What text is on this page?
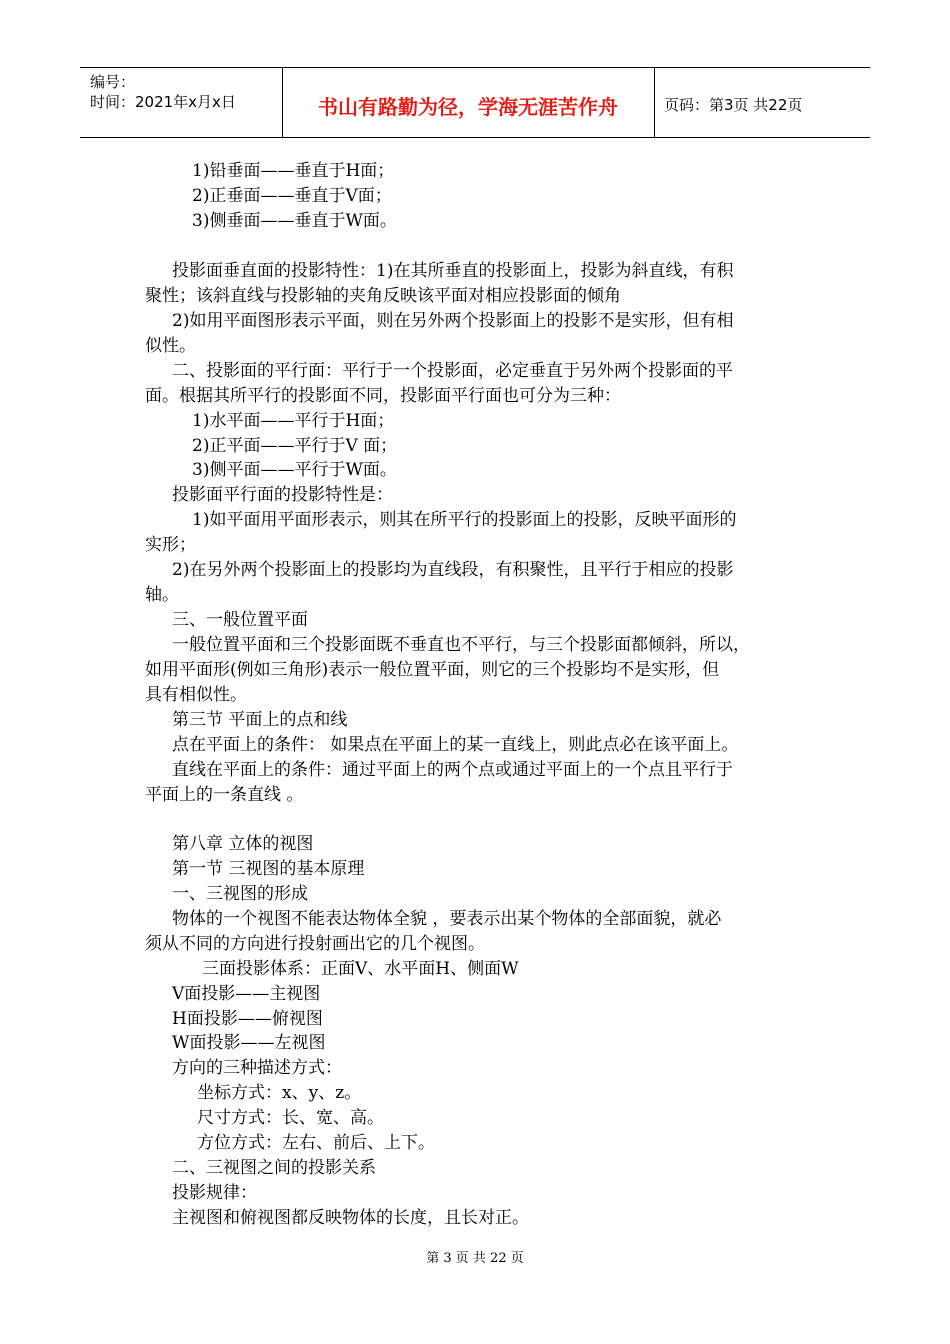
编号：
时间：2021年x月x日	书山有路勤为径，学海无涯苦作舟	页码：第3页 共22页
1)铅垂面——垂直于H面；
2)正垂面——垂直于V面；
3)侧垂面——垂直于W面。
投影面垂直面的投影特性：1)在其所垂直的投影面上，投影为斜直线，有积
聚性；该斜直线与投影轴的夹角反映该平面对相应投影面的倾角
2)如用平面图形表示平面，则在另外两个投影面上的投影不是实形，但有相
似性。
二、投影面的平行面：平行于一个投影面，必定垂直于另外两个投影面的平
面。根据其所平行的投影面不同，投影面平行面也可分为三种：
1)水平面——平行于H面；
2)正平面——平行于V 面；
3)侧平面——平行于W面。
投影面平行面的投影特性是：
1)如平面用平面形表示，则其在所平行的投影面上的投影，反映平面形的
实形；
2)在另外两个投影面上的投影均为直线段，有积聚性，且平行于相应的投影
轴。
三、一般位置平面
一般位置平面和三个投影面既不垂直也不平行，与三个投影面都倾斜，所以，
如用平面形(例如三角形)表示一般位置平面，则它的三个投影均不是实形，但
具有相似性。
第三节 平面上的点和线
点在平面上的条件： 如果点在平面上的某一直线上，则此点必在该平面上。
直线在平面上的条件：通过平面上的两个点或通过平面上的一个点且平行于
平面上的一条直线 。
第八章 立体的视图
第一节 三视图的基本原理
一、三视图的形成
物体的一个视图不能表达物体全貌 ，要表示出某个物体的全部面貌，就必
须从不同的方向进行投射画出它的几个视图。
三面投影体系：正面V、水平面H、侧面W
V面投影——主视图
H面投影——俯视图
W面投影——左视图
方向的三种描述方式：
坐标方式：x、y、z。
尺寸方式：长、宽、高。
方位方式：左右、前后、上下。
二、三视图之间的投影关系
投影规律：
主视图和俯视图都反映物体的长度，且长对正。
第 3 页 共 22 页
